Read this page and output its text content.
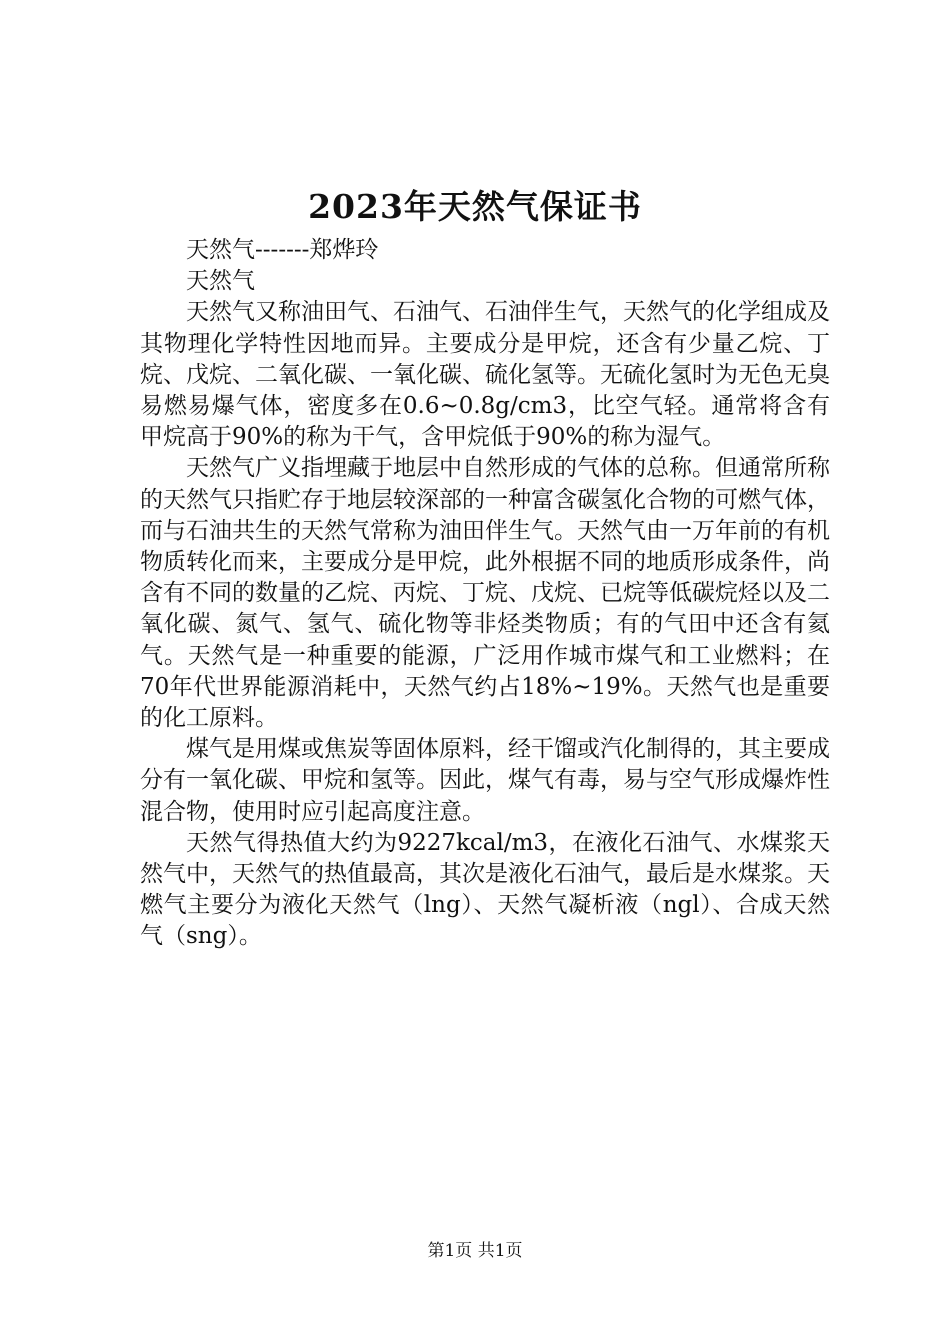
2023年天然气保证书

天然气-------郑烨玲

天然气

天然气又称油田气、石油气、石油伴生气，天然气的化学组成及其物理化学特性因地而异。主要成分是甲烷，还含有少量乙烷、丁烷、戊烷、二氧化碳、一氧化碳、硫化氢等。无硫化氢时为无色无臭易燃易爆气体，密度多在0.6~0.8g/cm3，比空气轻。通常将含有甲烷高于90%的称为干气，含甲烷低于90%的称为湿气。

天然气广义指埋藏于地层中自然形成的气体的总称。但通常所称的天然气只指贮存于地层较深部的一种富含碳氢化合物的可燃气体，而与石油共生的天然气常称为油田伴生气。天然气由一万年前的有机物质转化而来，主要成分是甲烷，此外根据不同的地质形成条件，尚含有不同的数量的乙烷、丙烷、丁烷、戊烷、已烷等低碳烷烃以及二氧化碳、氮气、氢气、硫化物等非烃类物质；有的气田中还含有氦气。天然气是一种重要的能源，广泛用作城市煤气和工业燃料；在70年代世界能源消耗中，天然气约占18%~19%。天然气也是重要的化工原料。

煤气是用煤或焦炭等固体原料，经干馏或汽化制得的，其主要成分有一氧化碳、甲烷和氢等。因此，煤气有毒，易与空气形成爆炸性混合物，使用时应引起高度注意。

天然气得热值大约为9227kcal/m3，在液化石油气、水煤浆天然气中，天然气的热值最高，其次是液化石油气，最后是水煤浆。天燃气主要分为液化天然气（lng）、天然气凝析液（ngl）、合成天然气（sng）。

第1页 共1页
